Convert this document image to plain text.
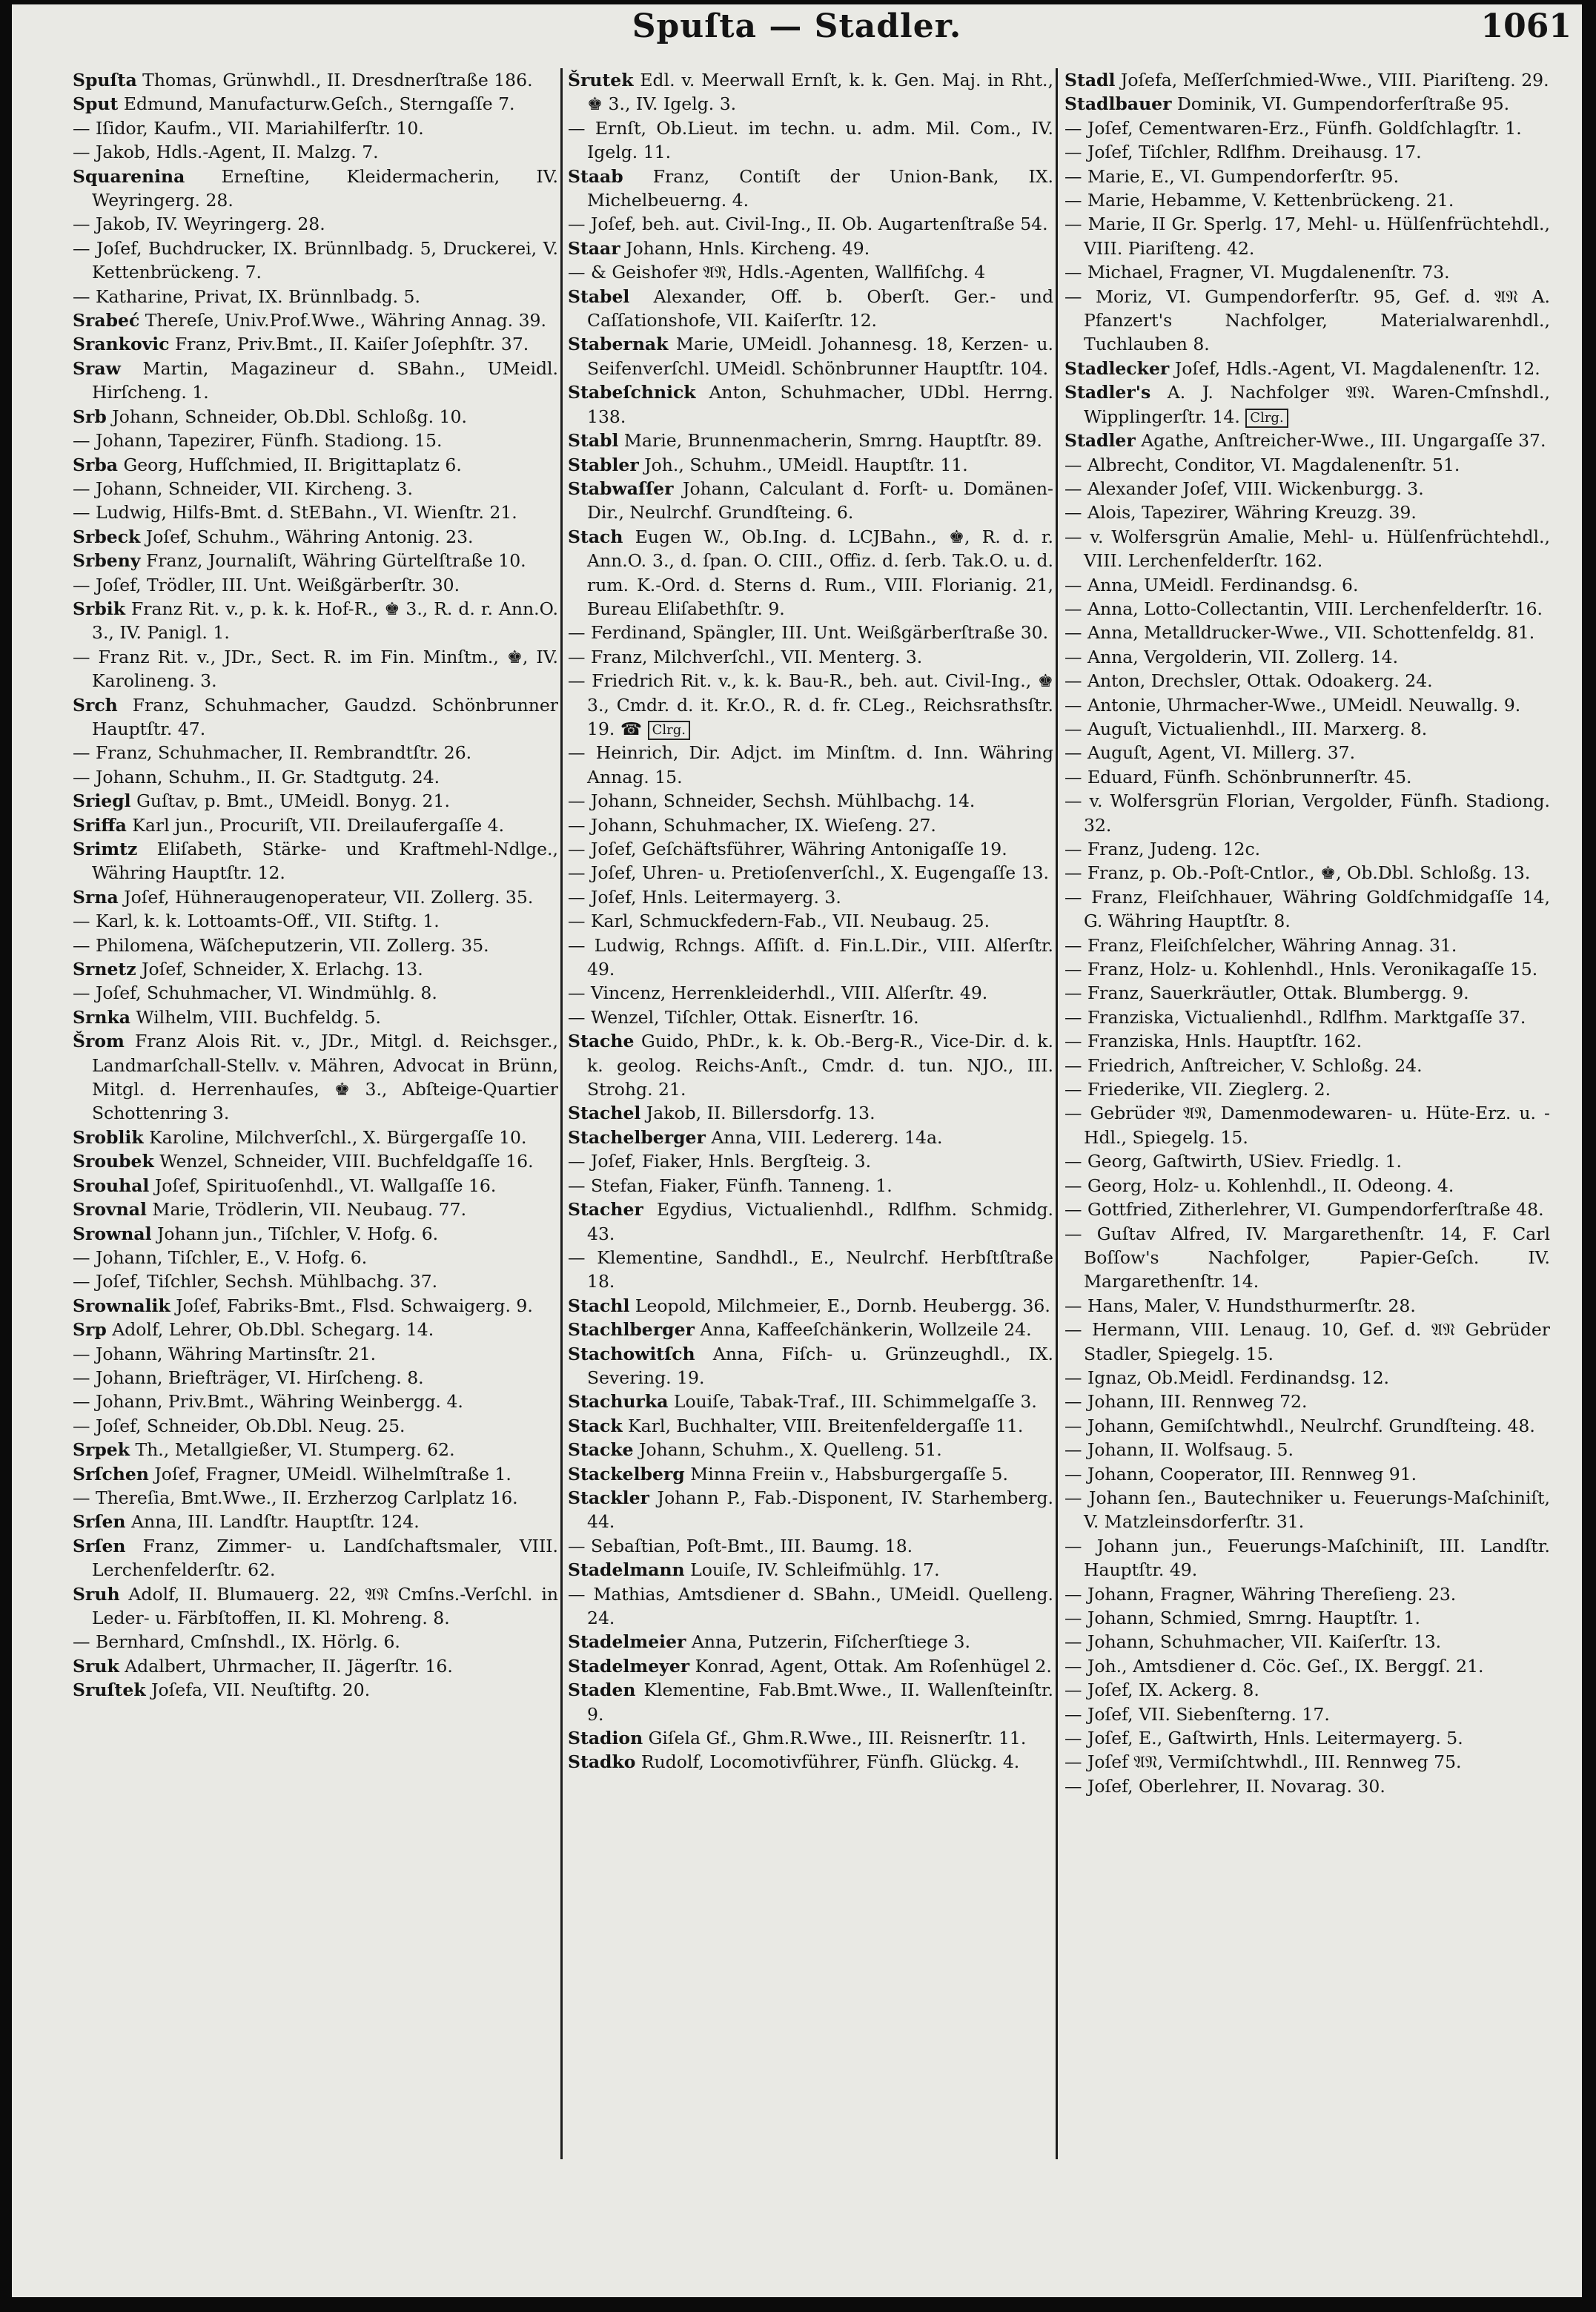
Spuſta — Stadler.	1061

Spuſta Thomas, Grünwhdl., II. Dresdnerſtraße 186.

Sput Edmund, Manufacturw.Geſch., Sterngaſſe 7.

— Iſidor, Kaufm., VII. Mariahilferſtr. 10.

— Jakob, Hdls.-Agent, II. Malzg. 7.

Squarenina Erneſtine, Kleidermacherin, IV. Weyringerg. 28.

— Jakob, IV. Weyringerg. 28.

— Joſef, Buchdrucker, IX. Brünnlbadg. 5, Druckerei, V. Kettenbrückeng. 7.

— Katharine, Privat, IX. Brünnlbadg. 5.

Srabeć Thereſe, Univ.Prof.Wwe., Währing Annag. 39.

Srankovic Franz, Priv.Bmt., II. Kaiſer Joſephſtr. 37.

Sraw Martin, Magazineur d. SBahn., UMeidl. Hirſcheng. 1.

Srb Johann, Schneider, Ob.Dbl. Schloßg. 10.

— Johann, Tapezirer, Fünfh. Stadiong. 15.

Srba Georg, Hufſchmied, II. Brigittaplatz 6.

— Johann, Schneider, VII. Kircheng. 3.

— Ludwig, Hilfs-Bmt. d. StEBahn., VI. Wienſtr. 21.

Srbeck Joſef, Schuhm., Währing Antonig. 23.

Srbeny Franz, Journaliſt, Währing Gürtelſtraße 10.

— Joſef, Trödler, III. Unt. Weißgärberſtr. 30.

Srbik Franz Rit. v., p. k. k. Hof-R., ♚ 3., R. d. r. Ann.O. 3., IV. Panigl. 1.

— Franz Rit. v., JDr., Sect. R. im Fin. Minſtm., ♚, IV. Karolineng. 3.

Srch Franz, Schuhmacher, Gaudzd. Schönbrunner Hauptſtr. 47.

— Franz, Schuhmacher, II. Rembrandtſtr. 26.

— Johann, Schuhm., II. Gr. Stadtgutg. 24.

Sriegl Guſtav, p. Bmt., UMeidl. Bonyg. 21.

Sriffa Karl jun., Procuriſt, VII. Dreilaufergaſſe 4.

Srimtz Eliſabeth, Stärke- und Kraftmehl-Ndlge., Währing Hauptſtr. 12.

Srna Joſef, Hühneraugenoperateur, VII. Zollerg. 35.

— Karl, k. k. Lottoamts-Off., VII. Stiftg. 1.

— Philomena, Wäſcheputzerin, VII. Zollerg. 35.

Srnetz Joſef, Schneider, X. Erlachg. 13.

— Joſef, Schuhmacher, VI. Windmühlg. 8.

Srnka Wilhelm, VIII. Buchfeldg. 5.

Šrom Franz Alois Rit. v., JDr., Mitgl. d. Reichsger., Landmarſchall-Stellv. v. Mähren, Advocat in Brünn, Mitgl. d. Herrenhauſes, ♚ 3., Abſteige-Quartier Schottenring 3.

Sroblik Karoline, Milchverſchl., X. Bürgergaſſe 10.

Sroubek Wenzel, Schneider, VIII. Buchfeldgaſſe 16.

Srouhal Joſef, Spirituoſenhdl., VI. Wallgaſſe 16.

Srovnal Marie, Trödlerin, VII. Neubaug. 77.

Srownal Johann jun., Tiſchler, V. Hofg. 6.

— Johann, Tiſchler, E., V. Hofg. 6.

— Joſef, Tiſchler, Sechsh. Mühlbachg. 37.

Srownalik Joſef, Fabriks-Bmt., Flsd. Schwaigerg. 9.

Srp Adolf, Lehrer, Ob.Dbl. Schegarg. 14.

— Johann, Währing Martinsſtr. 21.

— Johann, Briefträger, VI. Hirſcheng. 8.

— Johann, Priv.Bmt., Währing Weinbergg. 4.

— Joſef, Schneider, Ob.Dbl. Neug. 25.

Srpek Th., Metallgießer, VI. Stumperg. 62.

Srſchen Joſef, Fragner, UMeidl. Wilhelmſtraße 1.

— Thereſia, Bmt.Wwe., II. Erzherzog Carlplatz 16.

Srſen Anna, III. Landſtr. Hauptſtr. 124.

Srſen Franz, Zimmer- u. Landſchaftsmaler, VIII. Lerchenfelderſtr. 62.

Sruh Adolf, II. Blumauerg. 22, 𝔄𝔑 Cmſns.-Verſchl. in Leder- u. Färbſtoffen, II. Kl. Mohreng. 8.

— Bernhard, Cmſnshdl., IX. Hörlg. 6.

Sruk Adalbert, Uhrmacher, II. Jägerſtr. 16.

Sruſtek Joſefa, VII. Neuſtiftg. 20.

Šrutek Edl. v. Meerwall Ernſt, k. k. Gen. Maj. in Rht., ♚ 3., IV. Igelg. 3.

— Ernſt, Ob.Lieut. im techn. u. adm. Mil. Com., IV. Igelg. 11.

Staab Franz, Contiſt der Union-Bank, IX. Michelbeuerng. 4.

— Joſef, beh. aut. Civil-Ing., II. Ob. Augartenſtraße 54.

Staar Johann, Hnls. Kircheng. 49.

— & Geishofer 𝔄𝔑, Hdls.-Agenten, Wallfiſchg. 4

Stabel Alexander, Off. b. Oberſt. Ger.- und Caſſationshofe, VII. Kaiſerſtr. 12.

Stabernak Marie, UMeidl. Johannesg. 18, Kerzen- u. Seifenverſchl. UMeidl. Schönbrunner Hauptſtr. 104.

Stabeſchnick Anton, Schuhmacher, UDbl. Herrng. 138.

Stabl Marie, Brunnenmacherin, Smrng. Hauptſtr. 89.

Stabler Joh., Schuhm., UMeidl. Hauptſtr. 11.

Stabwaſſer Johann, Calculant d. Forſt- u. Domänen-Dir., Neulrchf. Grundſteing. 6.

Stach Eugen W., Ob.Ing. d. LCJBahn., ♚, R. d. r. Ann.O. 3., d. ſpan. O. CIII., Offiz. d. ſerb. Tak.O. u. d. rum. K.-Ord. d. Sterns d. Rum., VIII. Florianig. 21, Bureau Eliſabethſtr. 9.

— Ferdinand, Spängler, III. Unt. Weißgärberſtraße 30.

— Franz, Milchverſchl., VII. Menterg. 3.

— Friedrich Rit. v., k. k. Bau-R., beh. aut. Civil-Ing., ♚ 3., Cmdr. d. it. Kr.O., R. d. fr. CLeg., Reichsrathsſtr. 19. ☎ Clrg.

— Heinrich, Dir. Adjct. im Minſtm. d. Inn. Währing Annag. 15.

— Johann, Schneider, Sechsh. Mühlbachg. 14.

— Johann, Schuhmacher, IX. Wieſeng. 27.

— Joſef, Geſchäftsführer, Währing Antonigaſſe 19.

— Joſef, Uhren- u. Pretioſenverſchl., X. Eugengaſſe 13.

— Joſef, Hnls. Leitermayerg. 3.

— Karl, Schmuckfedern-Fab., VII. Neubaug. 25.

— Ludwig, Rchngs. Aſſiſt. d. Fin.L.Dir., VIII. Alſerſtr. 49.

— Vincenz, Herrenkleiderhdl., VIII. Alſerſtr. 49.

— Wenzel, Tiſchler, Ottak. Eisnerſtr. 16.

Stache Guido, PhDr., k. k. Ob.-Berg-R., Vice-Dir. d. k. k. geolog. Reichs-Anſt., Cmdr. d. tun. NJO., III. Strohg. 21.

Stachel Jakob, II. Billersdorfg. 13.

Stachelberger Anna, VIII. Ledererg. 14a.

— Joſef, Fiaker, Hnls. Bergſteig. 3.

— Stefan, Fiaker, Fünfh. Tanneng. 1.

Stacher Egydius, Victualienhdl., Rdlfhm. Schmidg. 43.

— Klementine, Sandhdl., E., Neulrchf. Herbſtſtraße 18.

Stachl Leopold, Milchmeier, E., Dornb. Heubergg. 36.

Stachlberger Anna, Kaffeeſchänkerin, Wollzeile 24.

Stachowitſch Anna, Fiſch- u. Grünzeughdl., IX. Severing. 19.

Stachurka Louiſe, Tabak-Traf., III. Schimmelgaſſe 3.

Stack Karl, Buchhalter, VIII. Breitenfeldergaſſe 11.

Stacke Johann, Schuhm., X. Quelleng. 51.

Stackelberg Minna Freiin v., Habsburgergaſſe 5.

Stackler Johann P., Fab.-Disponent, IV. Starhemberg. 44.

— Sebaſtian, Poſt-Bmt., III. Baumg. 18.

Stadelmann Louiſe, IV. Schleifmühlg. 17.

— Mathias, Amtsdiener d. SBahn., UMeidl. Quelleng. 24.

Stadelmeier Anna, Putzerin, Fiſcherſtiege 3.

Stadelmeyer Konrad, Agent, Ottak. Am Roſenhügel 2.

Staden Klementine, Fab.Bmt.Wwe., II. Wallenſteinſtr. 9.

Stadion Giſela Gf., Ghm.R.Wwe., III. Reisnerſtr. 11.

Stadko Rudolf, Locomotivführer, Fünfh. Glückg. 4.

Stadl Joſefa, Meſſerſchmied-Wwe., VIII. Piariſteng. 29.

Stadlbauer Dominik, VI. Gumpendorferſtraße 95.

— Joſef, Cementwaren-Erz., Fünfh. Goldſchlagſtr. 1.

— Joſef, Tiſchler, Rdlfhm. Dreihausg. 17.

— Marie, E., VI. Gumpendorferſtr. 95.

— Marie, Hebamme, V. Kettenbrückeng. 21.

— Marie, II Gr. Sperlg. 17, Mehl- u. Hülſenfrüchtehdl., VIII. Piariſteng. 42.

— Michael, Fragner, VI. Mugdalenenſtr. 73.

— Moriz, VI. Gumpendorferſtr. 95, Gef. d. 𝔄𝔑 A. Pfanzert's Nachfolger, Materialwarenhdl., Tuchlauben 8.

Stadlecker Joſef, Hdls.-Agent, VI. Magdalenenſtr. 12.

Stadler's A. J. Nachfolger 𝔄𝔑. Waren-Cmſnshdl., Wipplingerſtr. 14. Clrg.

Stadler Agathe, Anſtreicher-Wwe., III. Ungargaſſe 37.

— Albrecht, Conditor, VI. Magdalenenſtr. 51.

— Alexander Joſef, VIII. Wickenburgg. 3.

— Alois, Tapezirer, Währing Kreuzg. 39.

— v. Wolfersgrün Amalie, Mehl- u. Hülſenfrüchtehdl., VIII. Lerchenfelderſtr. 162.

— Anna, UMeidl. Ferdinandsg. 6.

— Anna, Lotto-Collectantin, VIII. Lerchenfelderſtr. 16.

— Anna, Metalldrucker-Wwe., VII. Schottenfeldg. 81.

— Anna, Vergolderin, VII. Zollerg. 14.

— Anton, Drechsler, Ottak. Odoakerg. 24.

— Antonie, Uhrmacher-Wwe., UMeidl. Neuwallg. 9.

— Auguſt, Victualienhdl., III. Marxerg. 8.

— Auguſt, Agent, VI. Millerg. 37.

— Eduard, Fünfh. Schönbrunnerſtr. 45.

— v. Wolfersgrün Florian, Vergolder, Fünfh. Stadiong. 32.

— Franz, Judeng. 12c.

— Franz, p. Ob.-Poſt-Cntlor., ♚, Ob.Dbl. Schloßg. 13.

— Franz, Fleiſchhauer, Währing Goldſchmidgaſſe 14, G. Währing Hauptſtr. 8.

— Franz, Fleiſchſelcher, Währing Annag. 31.

— Franz, Holz- u. Kohlenhdl., Hnls. Veronikagaſſe 15.

— Franz, Sauerkräutler, Ottak. Blumbergg. 9.

— Franziska, Victualienhdl., Rdlfhm. Marktgaſſe 37.

— Franziska, Hnls. Hauptſtr. 162.

— Friedrich, Anſtreicher, V. Schloßg. 24.

— Friederike, VII. Zieglerg. 2.

— Gebrüder 𝔄𝔑, Damenmodewaren- u. Hüte-Erz. u. -Hdl., Spiegelg. 15.

— Georg, Gaſtwirth, USiev. Friedlg. 1.

— Georg, Holz- u. Kohlenhdl., II. Odeong. 4.

— Gottfried, Zitherlehrer, VI. Gumpendorferſtraße 48.

— Guſtav Alfred, IV. Margarethenſtr. 14, F. Carl Boſſow's Nachfolger, Papier-Geſch. IV. Margarethenſtr. 14.

— Hans, Maler, V. Hundsthurmerſtr. 28.

— Hermann, VIII. Lenaug. 10, Gef. d. 𝔄𝔑 Gebrüder Stadler, Spiegelg. 15.

— Ignaz, Ob.Meidl. Ferdinandsg. 12.

— Johann, III. Rennweg 72.

— Johann, Gemiſchtwhdl., Neulrchf. Grundſteing. 48.

— Johann, II. Wolfsaug. 5.

— Johann, Cooperator, III. Rennweg 91.

— Johann ſen., Bautechniker u. Feuerungs-Maſchiniſt, V. Matzleinsdorferſtr. 31.

— Johann jun., Feuerungs-Maſchiniſt, III. Landſtr. Hauptſtr. 49.

— Johann, Fragner, Währing Thereſieng. 23.

— Johann, Schmied, Smrng. Hauptſtr. 1.

— Johann, Schuhmacher, VII. Kaiſerſtr. 13.

— Joh., Amtsdiener d. Cöc. Geſ., IX. Berggſ. 21.

— Joſef, IX. Ackerg. 8.

— Joſef, VII. Siebenſterng. 17.

— Joſef, E., Gaſtwirth, Hnls. Leitermayerg. 5.

— Joſef 𝔄𝔑, Vermiſchtwhdl., III. Rennweg 75.

— Joſef, Oberlehrer, II. Novarag. 30.
